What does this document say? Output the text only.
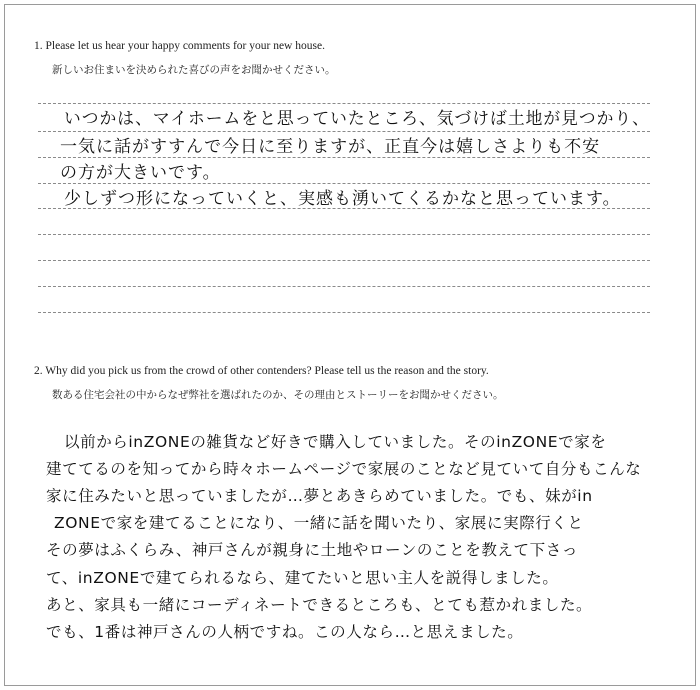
1. Please let us hear your happy comments for your new house.
新しいお住まいを決められた喜びの声をお聞かせください。
いつかは、マイホームをと思っていたところ、気づけば土地が見つかり、
一気に話がすすんで今日に至りますが、正直今は嬉しさよりも不安
の方が大きいです。
少しずつ形になっていくと、実感も湧いてくるかなと思っています。
2. Why did you pick us from the crowd of other contenders? Please tell us the reason and the story.
数ある住宅会社の中からなぜ弊社を選ばれたのか、その理由とストーリーをお聞かせください。
以前からinZONEの雑貨など好きで購入していました。そのinZONEで家を
建ててるのを知ってから時々ホームページで家展のことなど見ていて自分もこんな
家に住みたいと思っていましたが…夢とあきらめていました。でも、妹がin
ZONEで家を建てることになり、一緒に話を聞いたり、家展に実際行くと
その夢はふくらみ、神戸さんが親身に土地やローンのことを教えて下さっ
て、inZONEで建てられるなら、建てたいと思い主人を説得しました。
あと、家具も一緒にコーディネートできるところも、とても惹かれました。
でも、1番は神戸さんの人柄ですね。この人なら…と思えました。
